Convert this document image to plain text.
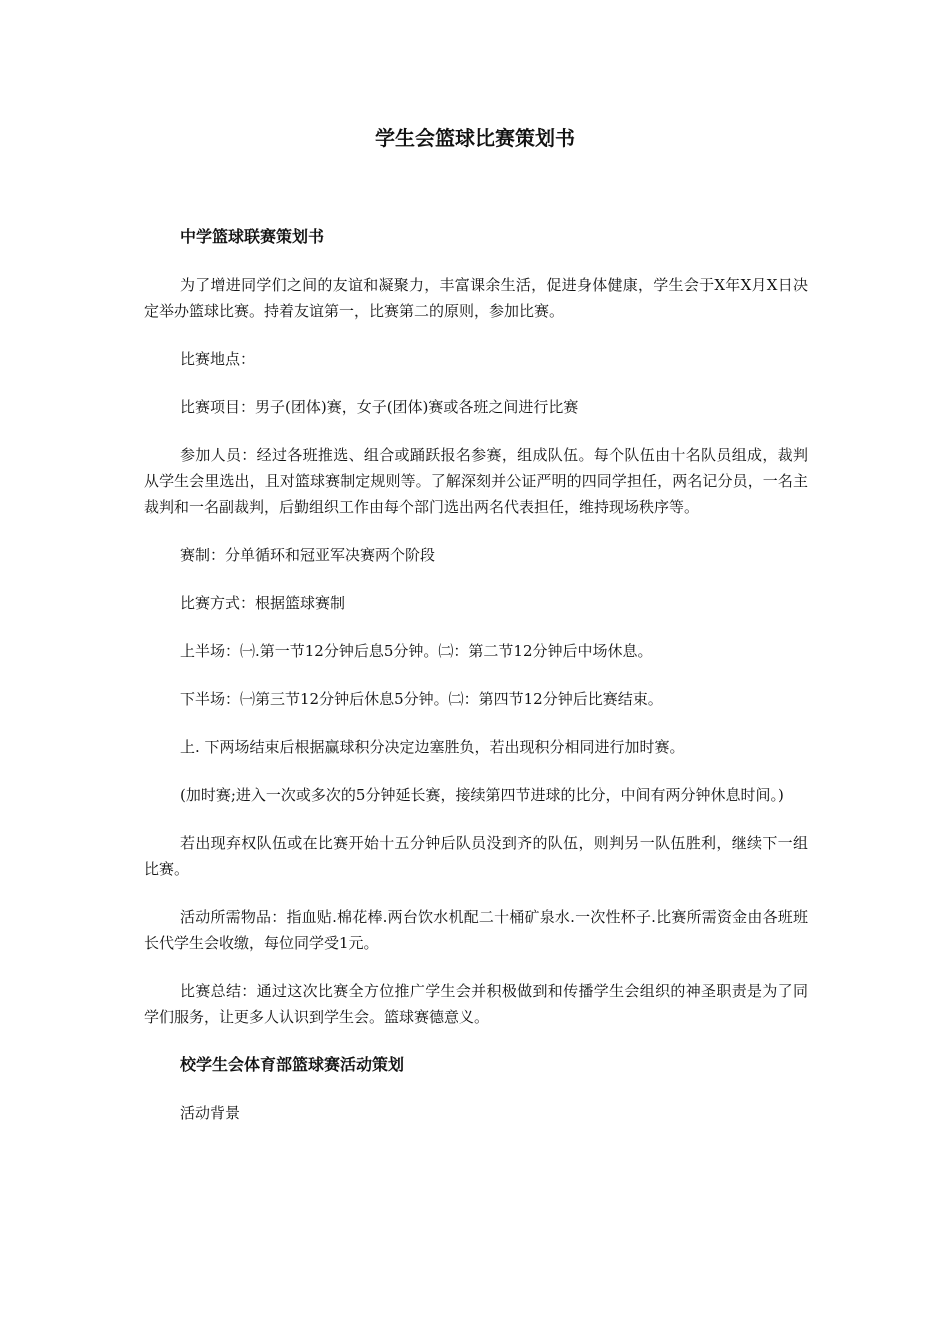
学生会篮球比赛策划书

中学篮球联赛策划书

为了增进同学们之间的友谊和凝聚力，丰富课余生活，促进身体健康，学生会于X年X月X日决定举办篮球比赛。持着友谊第一，比赛第二的原则，参加比赛。

比赛地点：

比赛项目：男子(团体)赛，女子(团体)赛或各班之间进行比赛

参加人员：经过各班推选、组合或踊跃报名参赛，组成队伍。每个队伍由十名队员组成，裁判从学生会里选出，且对篮球赛制定规则等。了解深刻并公证严明的四同学担任，两名记分员，一名主裁判和一名副裁判，后勤组织工作由每个部门选出两名代表担任，维持现场秩序等。

赛制：分单循环和冠亚军决赛两个阶段

比赛方式：根据篮球赛制

上半场：㈠.第一节12分钟后息5分钟。㈡：第二节12分钟后中场休息。

下半场：㈠第三节12分钟后休息5分钟。㈡：第四节12分钟后比赛结束。

上. 下两场结束后根据赢球积分决定边塞胜负，若出现积分相同进行加时赛。

(加时赛;进入一次或多次的5分钟延长赛，接续第四节进球的比分，中间有两分钟休息时间。)

若出现弃权队伍或在比赛开始十五分钟后队员没到齐的队伍，则判另一队伍胜利，继续下一组比赛。

活动所需物品：指血贴.棉花棒.两台饮水机配二十桶矿泉水.一次性杯子.比赛所需资金由各班班长代学生会收缴，每位同学受1元。

比赛总结：通过这次比赛全方位推广学生会并积极做到和传播学生会组织的神圣职责是为了同学们服务，让更多人认识到学生会。篮球赛德意义。

校学生会体育部篮球赛活动策划

活动背景
